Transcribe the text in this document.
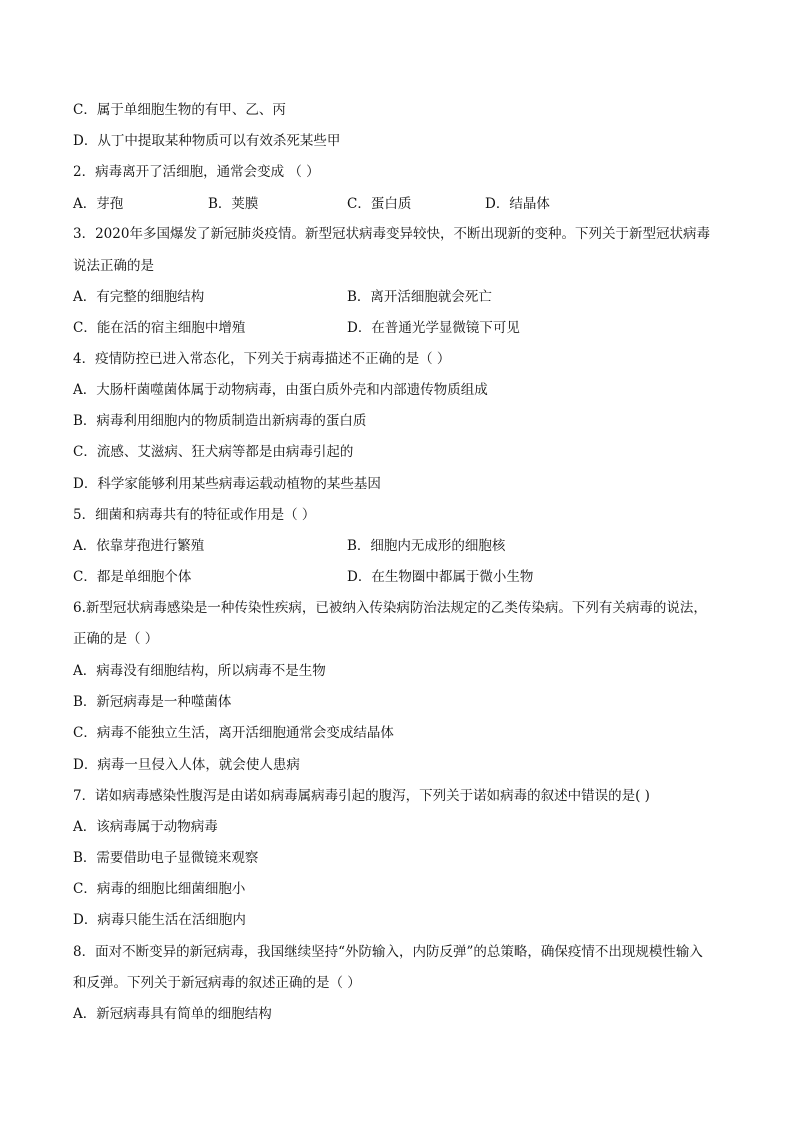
C．属于单细胞生物的有甲、乙、丙
D．从丁中提取某种物质可以有效杀死某些甲
2．病毒离开了活细胞，通常会变成 （ ）
A．芽孢	B．荚膜	C．蛋白质	D．结晶体
3．2020年多国爆发了新冠肺炎疫情。新型冠状病毒变异较快，不断出现新的变种。下列关于新型冠状病毒
说法正确的是
A．有完整的细胞结构	B．离开活细胞就会死亡
C．能在活的宿主细胞中增殖	D．在普通光学显微镜下可见
4．疫情防控已进入常态化，下列关于病毒描述不正确的是（ ）
A．大肠杆菌噬菌体属于动物病毒，由蛋白质外壳和内部遗传物质组成
B．病毒利用细胞内的物质制造出新病毒的蛋白质
C．流感、艾滋病、狂犬病等都是由病毒引起的
D．科学家能够利用某些病毒运载动植物的某些基因
5．细菌和病毒共有的特征或作用是（ ）
A．依靠芽孢进行繁殖	B．细胞内无成形的细胞核
C．都是单细胞个体	D．在生物圈中都属于微小生物
6.新型冠状病毒感染是一种传染性疾病，已被纳入传染病防治法规定的乙类传染病。下列有关病毒的说法，
正确的是（ ）
A．病毒没有细胞结构，所以病毒不是生物
B．新冠病毒是一种噬菌体
C．病毒不能独立生活，离开活细胞通常会变成结晶体
D．病毒一旦侵入人体，就会使人患病
7．诺如病毒感染性腹泻是由诺如病毒属病毒引起的腹泻，下列关于诺如病毒的叙述中错误的是( )
A．该病毒属于动物病毒
B．需要借助电子显微镜来观察
C．病毒的细胞比细菌细胞小
D．病毒只能生活在活细胞内
8．面对不断变异的新冠病毒，我国继续坚持“外防输入，内防反弹”的总策略，确保疫情不出现规模性输入
和反弹。下列关于新冠病毒的叙述正确的是（ ）
A．新冠病毒具有简单的细胞结构
